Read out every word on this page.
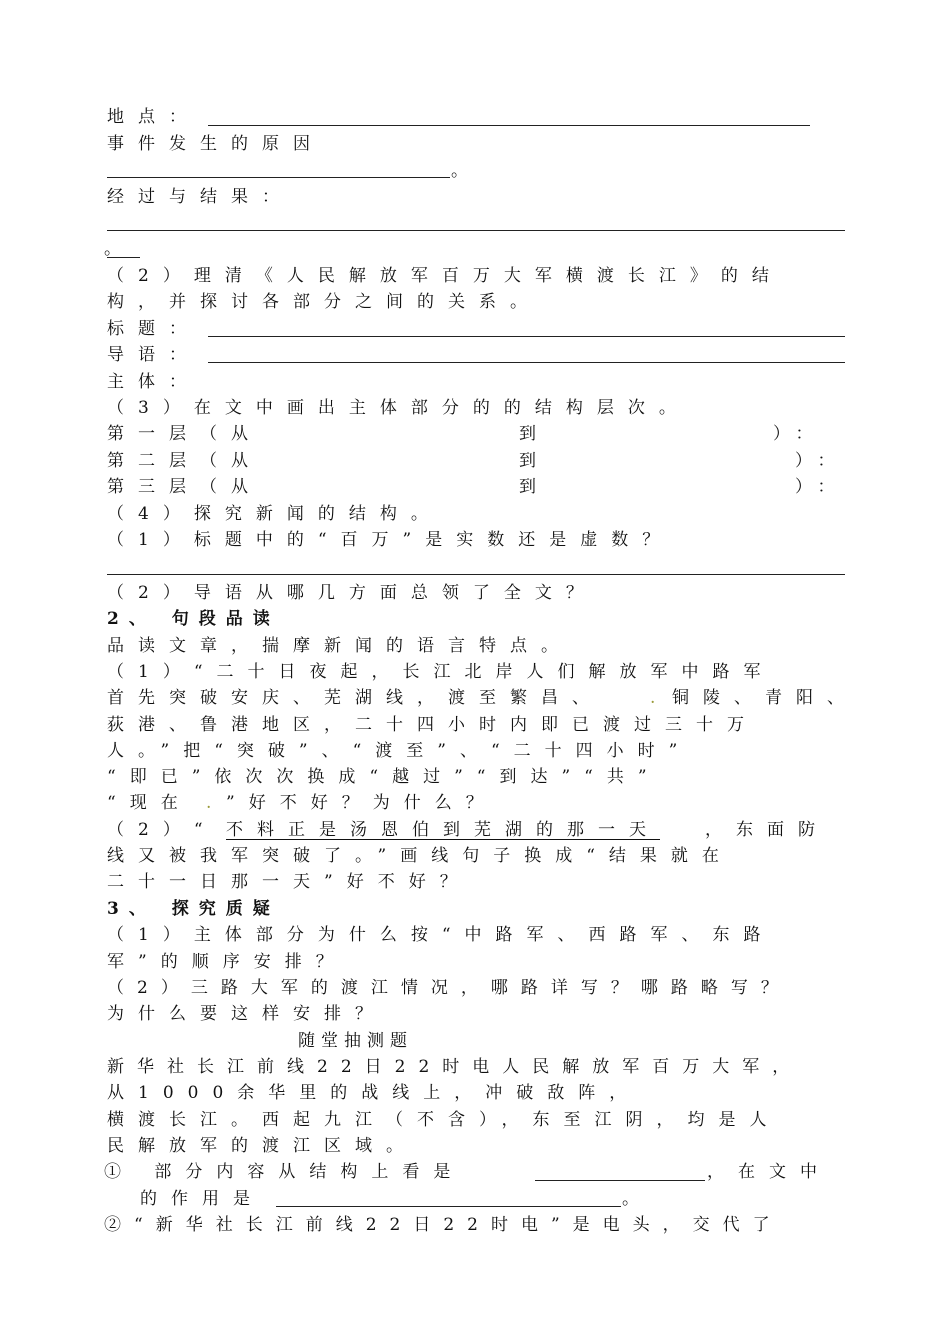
地点：
事件发生的原因
。
经过与结果：
。
（2）理清《人民解放军百万大军横渡长江》的结
构，并探讨各部分之间的关系。
标题：
导语：
主体：
（3）在文中画出主体部分的的结构层次。
第一层（从	到	）：
第二层（从	到	）：
第三层（从	到	）：
（4）探究新闻的结构。
（1）标题中的“百万”是实数还是虚数？
（2）导语从哪几方面总领了全文？
2、 句段品读
品读文章，揣摩新闻的语言特点。
（1）“二十日夜起，长江北岸人们解放军中路军
首先突破安庆、芜湖线，渡至繁昌、	. 铜陵、青阳、
荻港、鲁港地区，二十四小时内即已渡过三十万
人。”把“突破”、“渡至”、“二十四小时”
“即已”依次次换成“越过”“到达”“共”
“现在 . ”好不好？为什么？
（2）“ 不料正是汤恩伯到芜湖的那一天	，东面防
线又被我军突破了。”画线句子换成“结果就在
二十一日那一天”好不好？
3、 探究质疑
（1）主体部分为什么按“中路军、西路军、东路
军”的顺序安排？
（2）三路大军的渡江情况，哪路详写？哪路略写？
为什么要这样安排？
随堂抽测题
新华社长江前线22日22时电人民解放军百万大军，
从1000余华里的战线上，冲破敌阵，
横渡长江。西起九江（不含），东至江阴，均是人
民解放军的渡江区域。
① 部分内容从结构上看是	，在文中
的作用是	。
②“新华社长江前线22日22时电”是电头，交代了
